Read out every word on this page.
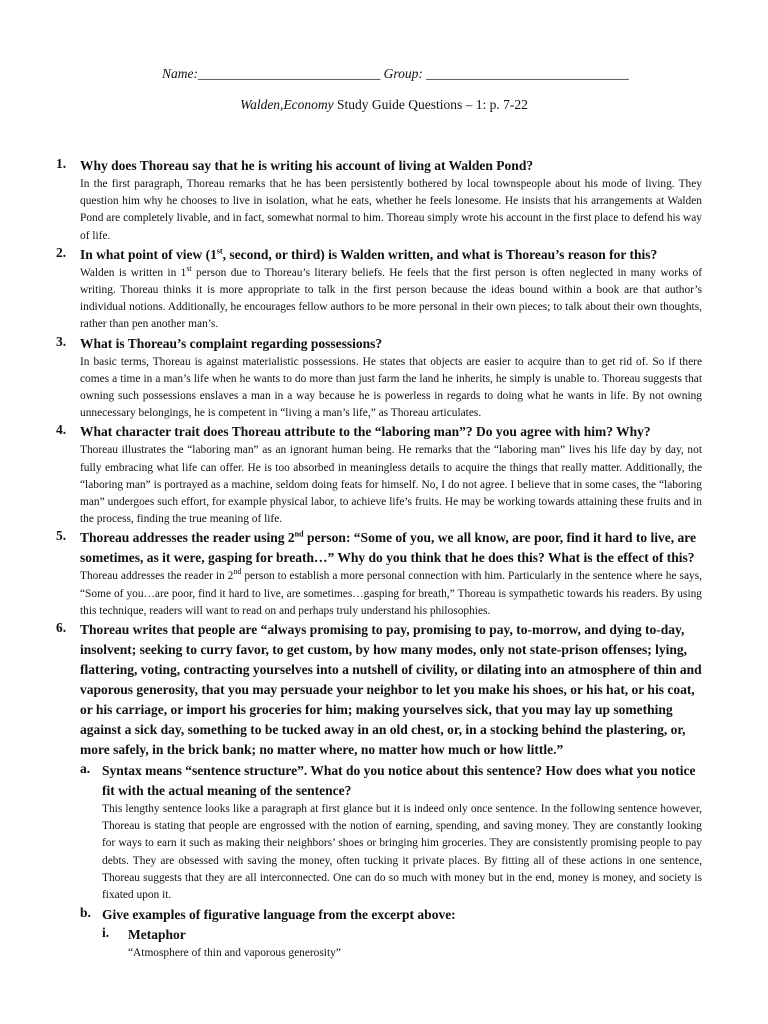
Name:___________________________ Group: ______________________________
Walden,Economy Study Guide Questions – 1: p. 7-22
1. Why does Thoreau say that he is writing his account of living at Walden Pond?

In the first paragraph, Thoreau remarks that he has been persistently bothered by local townspeople about his mode of living. They question him why he chooses to live in isolation, what he eats, whether he feels lonesome. He insists that his arrangements at Walden Pond are completely livable, and in fact, somewhat normal to him. Thoreau simply wrote his account in the first place to defend his way of life.

2. In what point of view (1st, second, or third) is Walden written, and what is Thoreau’s reason for this?

Walden is written in 1st person due to Thoreau’s literary beliefs. He feels that the first person is often neglected in many works of writing. Thoreau thinks it is more appropriate to talk in the first person because the ideas bound within a book are that author’s individual notions. Additionally, he encourages fellow authors to be more personal in their own pieces; to talk about their own thoughts, rather than pen another man’s.

3. What is Thoreau’s complaint regarding possessions?

In basic terms, Thoreau is against materialistic possessions. He states that objects are easier to acquire than to get rid of. So if there comes a time in a man’s life when he wants to do more than just farm the land he inherits, he simply is unable to. Thoreau suggests that owning such possessions enslaves a man in a way because he is powerless in regards to doing what he wants in life. By not owning unnecessary belongings, he is competent in “living a man’s life,” as Thoreau articulates.

4. What character trait does Thoreau attribute to the “laboring man”? Do you agree with him? Why?

Thoreau illustrates the “laboring man” as an ignorant human being. He remarks that the “laboring man” lives his life day by day, not fully embracing what life can offer. He is too absorbed in meaningless details to acquire the things that really matter. Additionally, the “laboring man” is portrayed as a machine, seldom doing feats for himself. No, I do not agree. I believe that in some cases, the “laboring man” undergoes such effort, for example physical labor, to achieve life’s fruits. He may be working towards attaining these fruits and in the process, finding the true meaning of life.

5. Thoreau addresses the reader using 2nd person: “Some of you, we all know, are poor, find it hard to live, are sometimes, as it were, gasping for breath…” Why do you think that he does this? What is the effect of this?

Thoreau addresses the reader in 2nd person to establish a more personal connection with him. Particularly in the sentence where he says, “Some of you…are poor, find it hard to live, are sometimes…gasping for breath,” Thoreau is sympathetic towards his readers. By using this technique, readers will want to read on and perhaps truly understand his philosophies.

6. Thoreau writes that people are “always promising to pay, promising to pay, to-morrow, and dying to-day, insolvent; seeking to curry favor, to get custom, by how many modes, only not state-prison offenses; lying, flattering, voting, contracting yourselves into a nutshell of civility, or dilating into an atmosphere of thin and vaporous generosity, that you may persuade your neighbor to let you make his shoes, or his hat, or his coat, or his carriage, or import his groceries for him; making yourselves sick, that you may lay up something against a sick day, something to be tucked away in an old chest, or, in a stocking behind the plastering, or, more safely, in the brick bank; no matter where, no matter how much or how little.”

a. Syntax means “sentence structure”. What do you notice about this sentence? How does what you notice fit with the actual meaning of the sentence?

This lengthy sentence looks like a paragraph at first glance but it is indeed only once sentence. In the following sentence however, Thoreau is stating that people are engrossed with the notion of earning, spending, and saving money. They are constantly looking for ways to earn it such as making their neighbors’ shoes or bringing him groceries. They are consistently promising people to pay debts. They are obsessed with saving the money, often tucking it private places. By fitting all of these actions in one sentence, Thoreau suggests that they are all interconnected. One can do so much with money but in the end, money is money, and society is fixated upon it.

b. Give examples of figurative language from the excerpt above:

i. Metaphor

“Atmosphere of thin and vaporous generosity”
